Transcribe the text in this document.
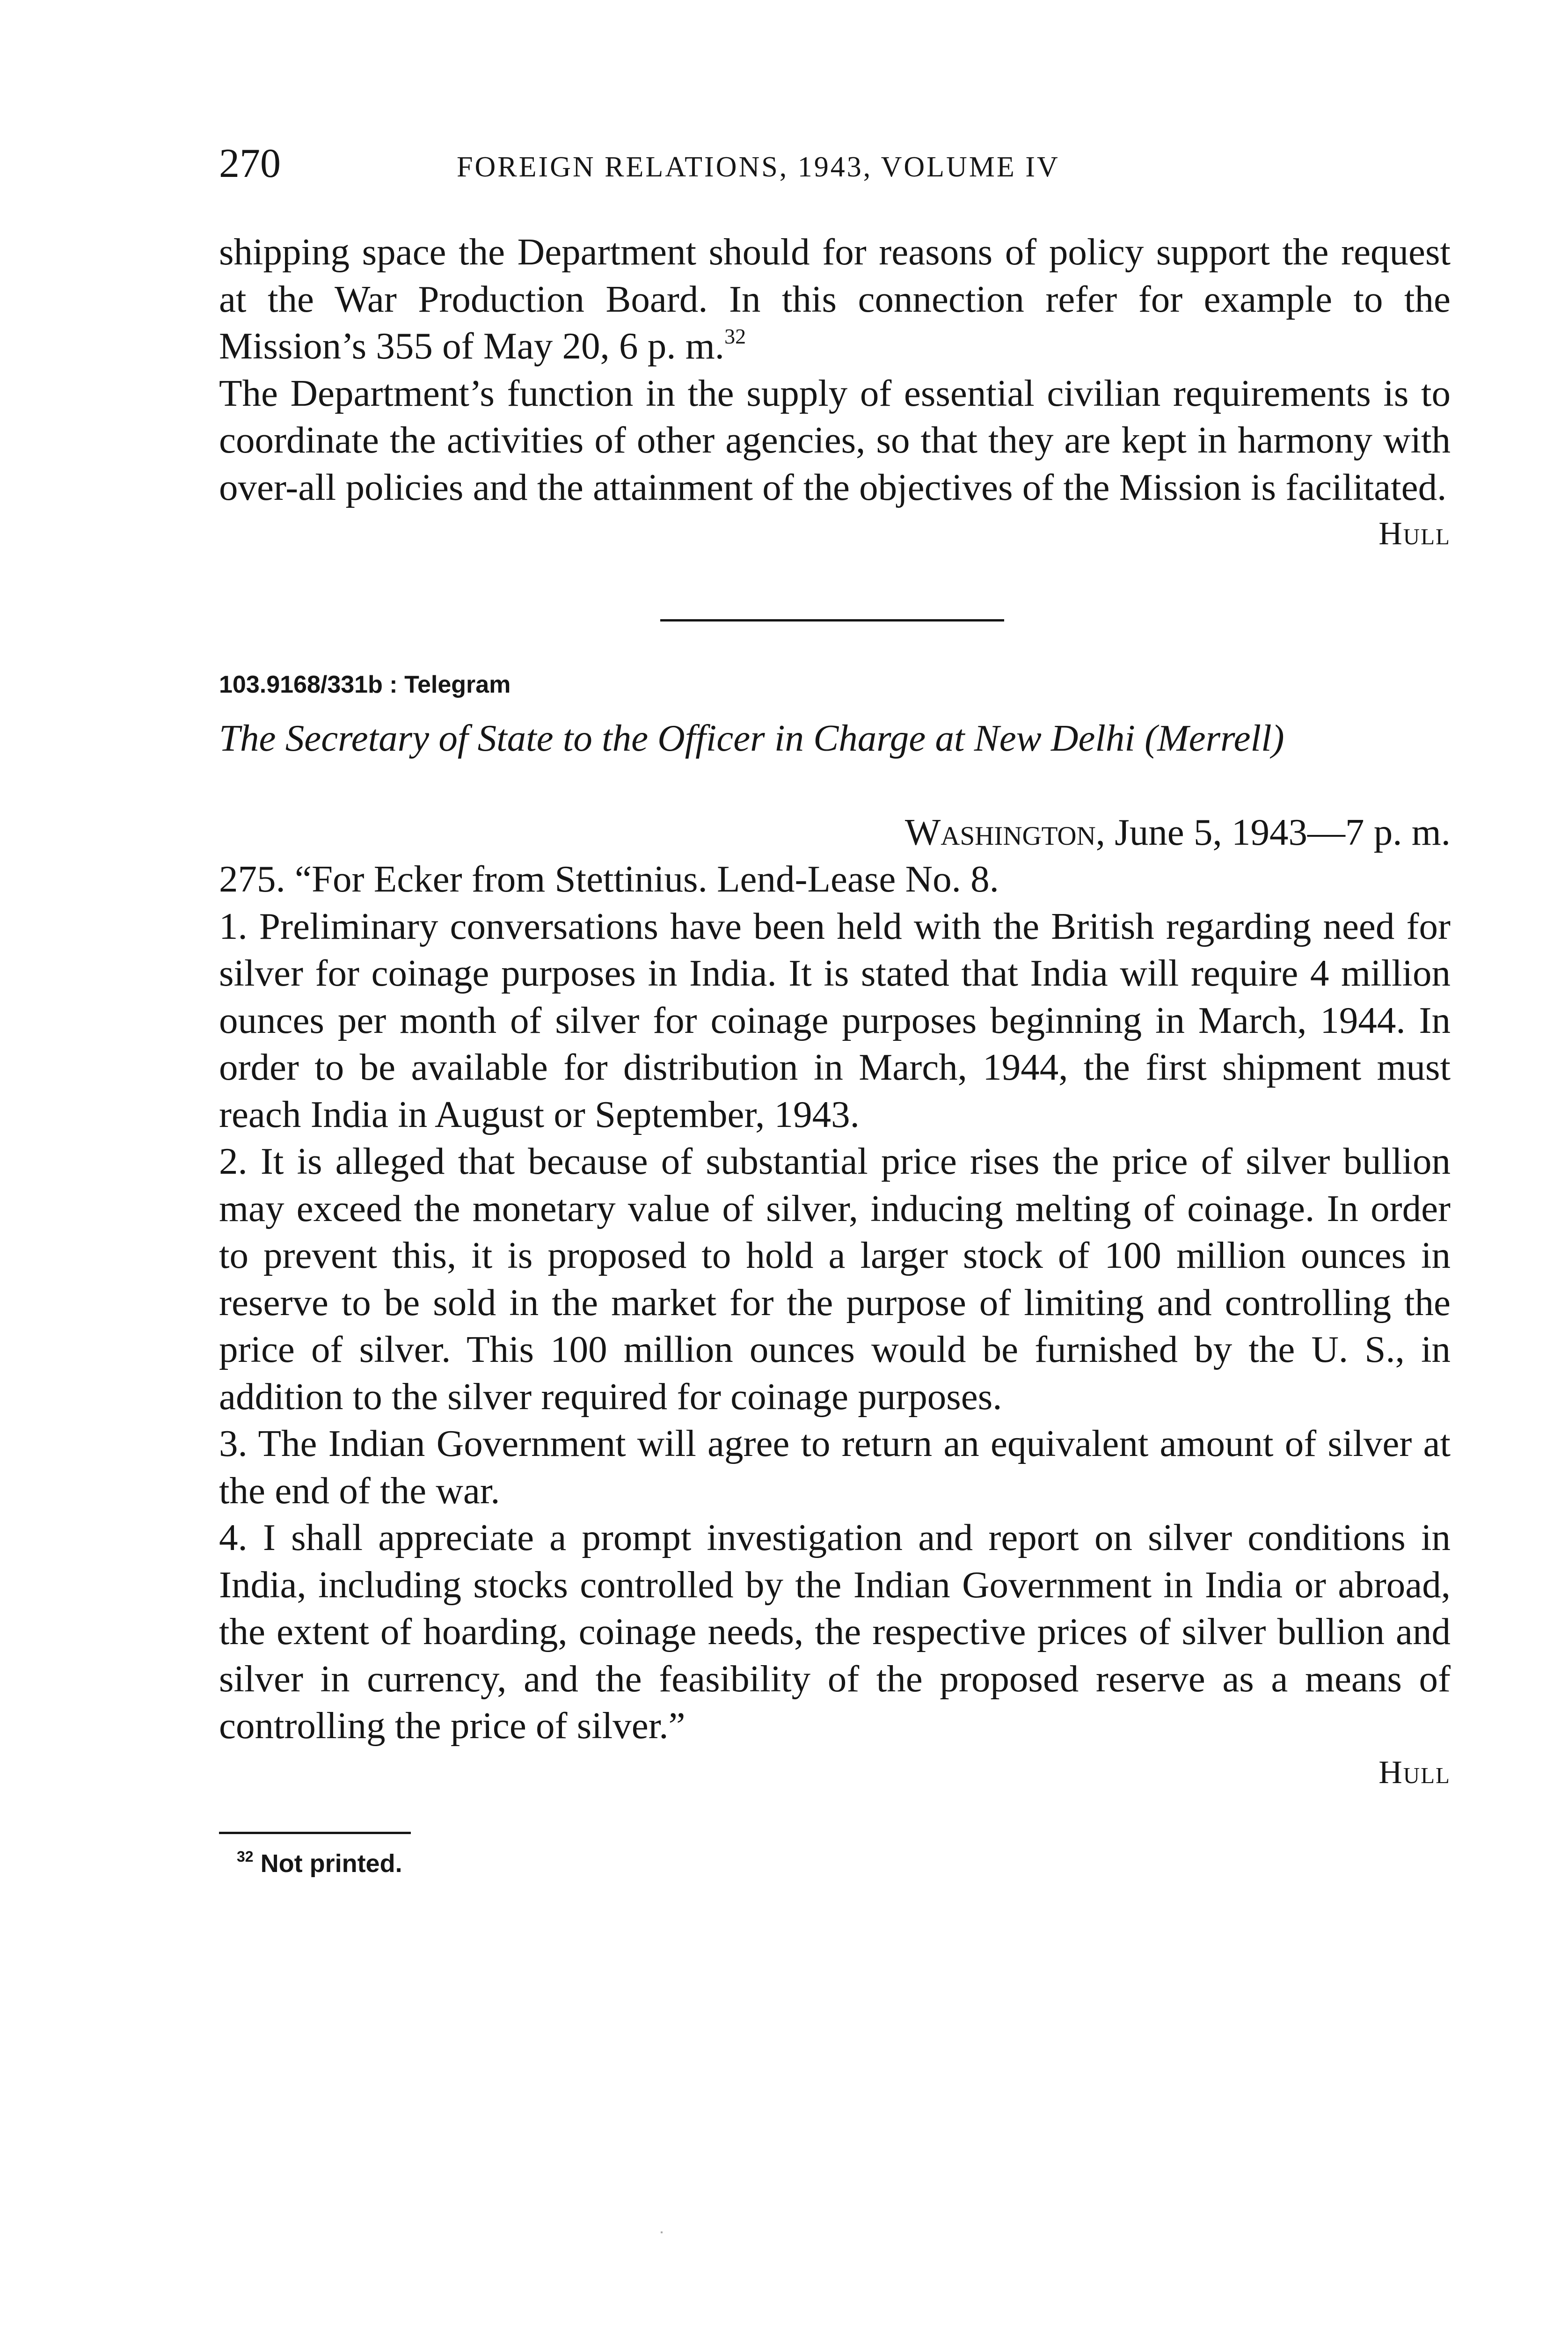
270	FOREIGN RELATIONS, 1943, VOLUME IV

shipping space the Department should for reasons of policy support the request at the War Production Board. In this connection refer for example to the Mission’s 355 of May 20, 6 p. m.$^{32}$

The Department’s function in the supply of essential civilian requirements is to coordinate the activities of other agencies, so that they are kept in harmony with over-all policies and the attainment of the objectives of the Mission is facilitated.

Hull
103.9168/331b : Telegram
The Secretary of State to the Officer in Charge at New Delhi (Merrell)
Washington, June 5, 1943—7 p. m.

275. “For Ecker from Stettinius. Lend-Lease No. 8.

1. Preliminary conversations have been held with the British regarding need for silver for coinage purposes in India. It is stated that India will require 4 million ounces per month of silver for coinage purposes beginning in March, 1944. In order to be available for distribution in March, 1944, the first shipment must reach India in August or September, 1943.

2. It is alleged that because of substantial price rises the price of silver bullion may exceed the monetary value of silver, inducing melting of coinage. In order to prevent this, it is proposed to hold a larger stock of 100 million ounces in reserve to be sold in the market for the purpose of limiting and controlling the price of silver. This 100 million ounces would be furnished by the U. S., in addition to the silver required for coinage purposes.

3. The Indian Government will agree to return an equivalent amount of silver at the end of the war.

4. I shall appreciate a prompt investigation and report on silver conditions in India, including stocks controlled by the Indian Government in India or abroad, the extent of hoarding, coinage needs, the respective prices of silver bullion and silver in currency, and the feasibility of the proposed reserve as a means of controlling the price of silver.”

Hull
$^{32}$ Not printed.
